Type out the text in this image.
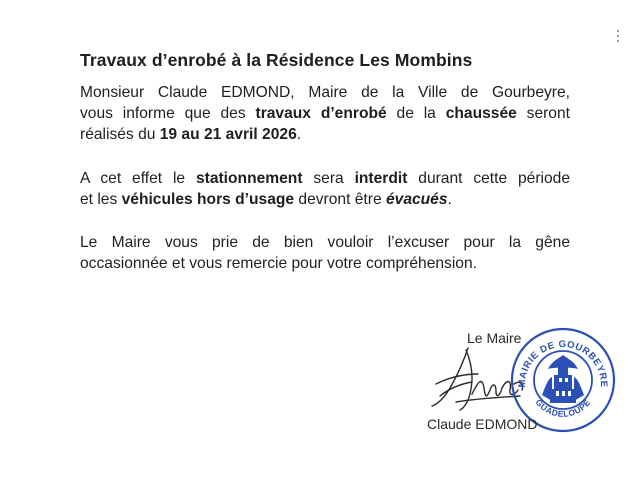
Travaux d’enrobé à la Résidence Les Mombins
Monsieur Claude EDMOND, Maire de la Ville de Gourbeyre,
vous informe que des travaux d’enrobé de la chaussée seront
réalisés du 19 au 21 avril 2026.
A cet effet le stationnement sera interdit durant cette période
et les véhicules hors d’usage devront être évacués.
Le Maire vous prie de bien vouloir l’excuser pour la gêne
occasionnée et vous remercie pour votre compréhension.
Le Maire
MAIRIE DE GOURBEYRE
GUADELOUPE
Claude EDMOND
